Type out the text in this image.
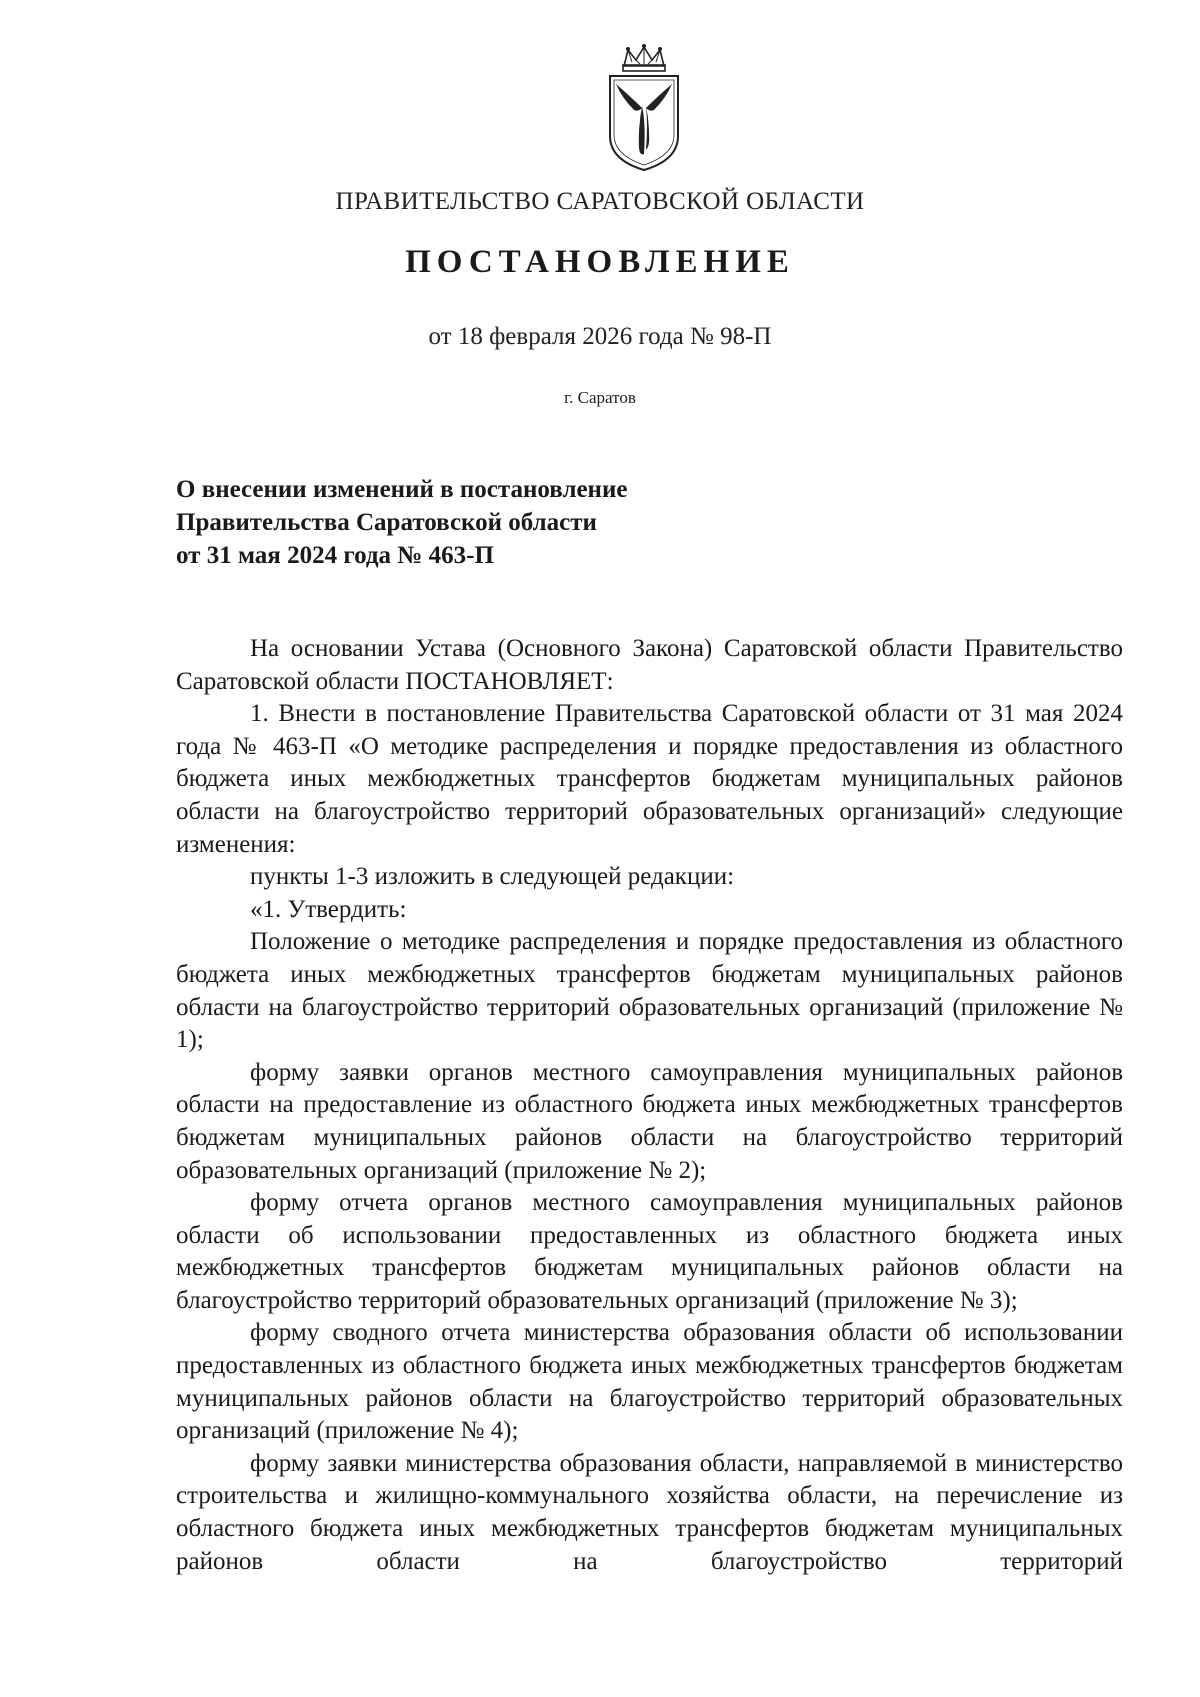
ПРАВИТЕЛЬСТВО САРАТОВСКОЙ ОБЛАСТИ
ПОСТАНОВЛЕНИЕ
от 18 февраля 2026 года № 98-П
г. Саратов
О внесении изменений в постановление
Правительства Саратовской области
от 31 мая 2024 года № 463-П

На основании Устава (Основного Закона) Саратовской области Правительство Саратовской области ПОСТАНОВЛЯЕТ:

1. Внести в постановление Правительства Саратовской области от 31 мая 2024 года № 463-П «О методике распределения и порядке предоставления из областного бюджета иных межбюджетных трансфертов бюджетам муниципальных районов области на благоустройство территорий образовательных организаций» следующие изменения:

пункты 1-3 изложить в следующей редакции:

«1. Утвердить:

Положение о методике распределения и порядке предоставления из областного бюджета иных межбюджетных трансфертов бюджетам муниципальных районов области на благоустройство территорий образовательных организаций (приложение № 1);

форму заявки органов местного самоуправления муниципальных районов области на предоставление из областного бюджета иных межбюджетных трансфертов бюджетам муниципальных районов области на благоустройство территорий образовательных организаций (приложение № 2);

форму отчета органов местного самоуправления муниципальных районов области об использовании предоставленных из областного бюджета иных межбюджетных трансфертов бюджетам муниципальных районов области на благоустройство территорий образовательных организаций (приложение № 3);

форму сводного отчета министерства образования области об использовании предоставленных из областного бюджета иных межбюджетных трансфертов бюджетам муниципальных районов области на благоустройство территорий образовательных организаций (приложение № 4);

форму заявки министерства образования области, направляемой в министерство строительства и жилищно-коммунального хозяйства области, на перечисление из областного бюджета иных межбюджетных трансфертов бюджетам муниципальных районов области на благоустройство территорий
